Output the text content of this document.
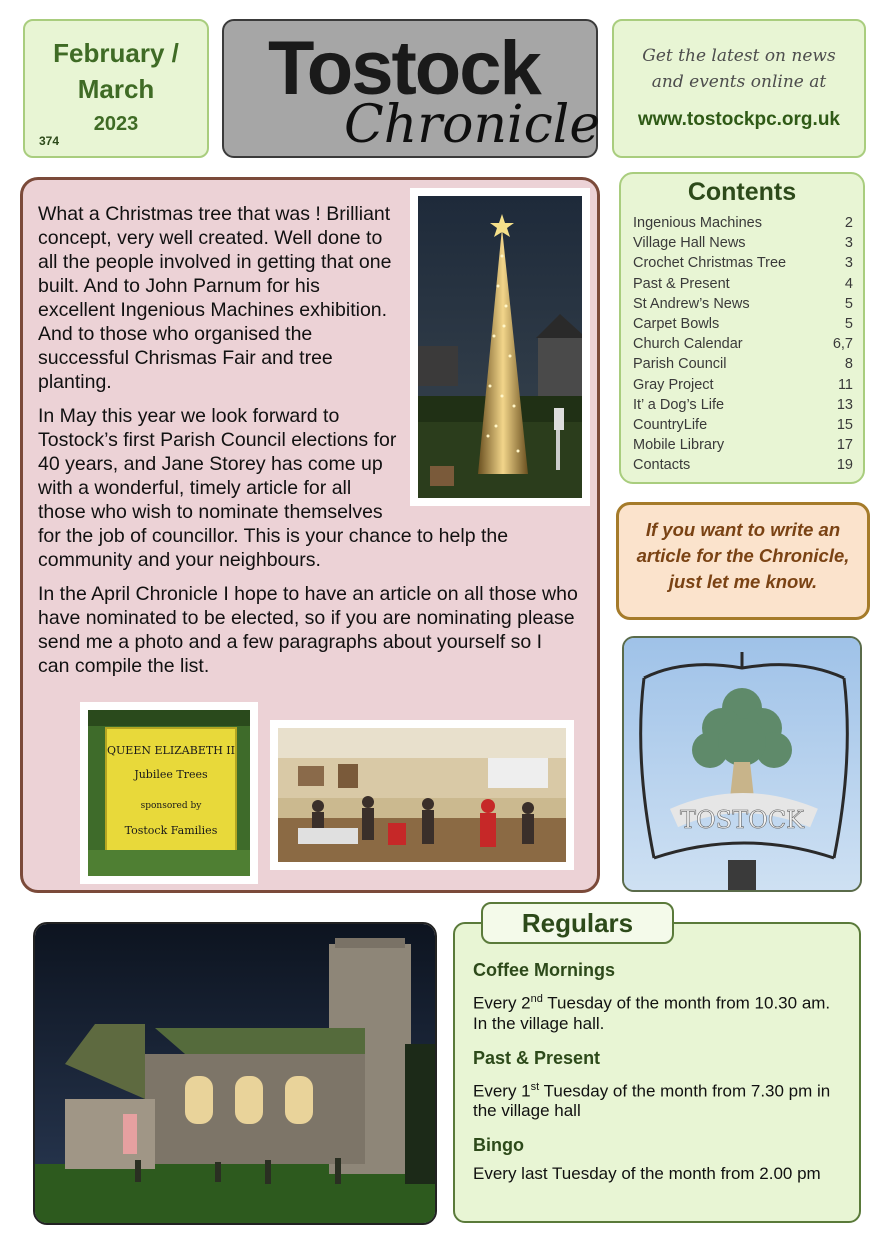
February /
March
2023
374
Tostock
Chronicle
Get the latest on news
and events online at
www.tostockpc.org.uk

What a Christmas tree that was ! Brilliant concept, very well created. Well done to all the people involved in getting that one built. And to John Parnum for his excellent Ingenious Machines exhibition. And to those who organised the successful Chrismas Fair and tree planting.

In May this year we look forward to Tostock’s first Parish Council elections for 40 years, and Jane Storey has come up with a wonderful, timely article for all those who wish to nominate themselves for the job of councillor. This is your chance to help the community and your neighbours.

In the April Chronicle I hope to have an article on all those who have nominated to be elected, so if you are nominating please send me a photo and a few paragraphs about yourself so I can compile the list.

QUEEN ELIZABETH II
Jubilee Trees
sponsored by
Tostock Families
Contents
Ingenious Machines	2
Village Hall News	3
Crochet Christmas Tree	3
Past & Present	4
St Andrew’s News	5
Carpet Bowls	5
Church Calendar	6,7
Parish Council	8
Gray Project	11
It’ a Dog’s Life	13
CountryLife	15
Mobile Library	17
Contacts	19
If you want to write an article for the Chronicle, just let me know.
TOSTOCK
Coffee Mornings
Every 2nd Tuesday of the month from 10.30 am. In the village hall.
Past & Present
Every 1st Tuesday of the month from 7.30 pm in the village hall
Bingo
Every last Tuesday of the month from 2.00 pm
Regulars
